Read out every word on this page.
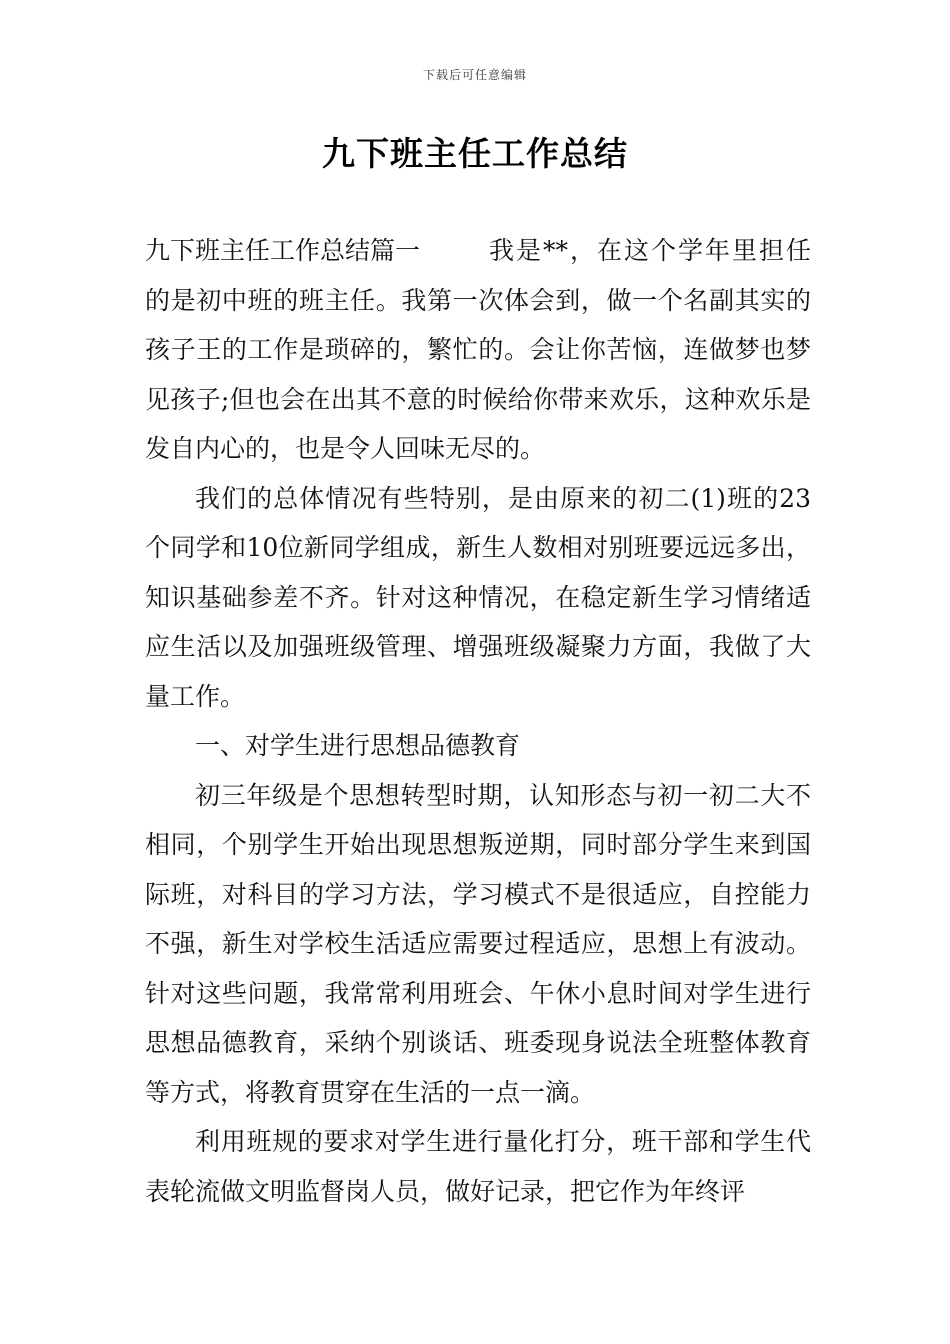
下载后可任意编辑
九下班主任工作总结

九下班主任工作总结篇一	我是**，在这个学年里担任的是初中班的班主任。我第一次体会到，做一个名副其实的孩子王的工作是琐碎的，繁忙的。会让你苦恼，连做梦也梦见孩子;但也会在出其不意的时候给你带来欢乐，这种欢乐是发自内心的，也是令人回味无尽的。

我们的总体情况有些特别，是由原来的初二(1)班的23个同学和10位新同学组成，新生人数相对别班要远远多出，知识基础参差不齐。针对这种情况，在稳定新生学习情绪适应生活以及加强班级管理、增强班级凝聚力方面，我做了大量工作。

一、对学生进行思想品德教育

初三年级是个思想转型时期，认知形态与初一初二大不相同，个别学生开始出现思想叛逆期，同时部分学生来到国际班，对科目的学习方法，学习模式不是很适应，自控能力不强，新生对学校生活适应需要过程适应，思想上有波动。针对这些问题，我常常利用班会、午休小息时间对学生进行思想品德教育，采纳个别谈话、班委现身说法全班整体教育等方式，将教育贯穿在生活的一点一滴。

利用班规的要求对学生进行量化打分，班干部和学生代表轮流做文明监督岗人员，做好记录，把它作为年终评
